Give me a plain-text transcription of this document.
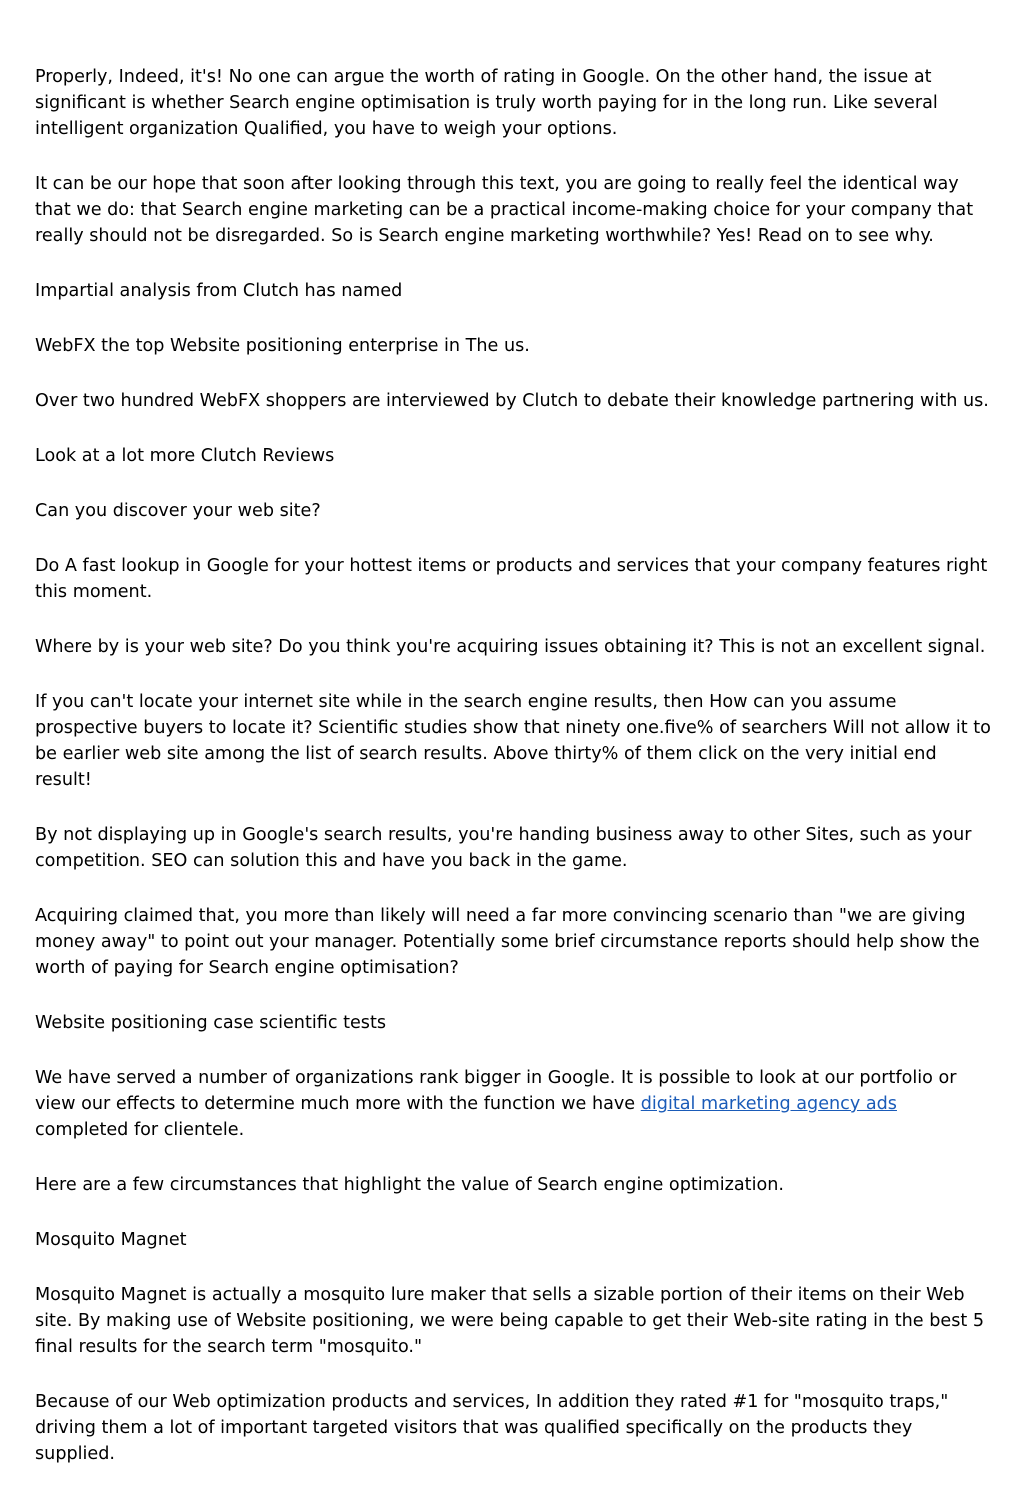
Properly, Indeed, it's! No one can argue the worth of rating in Google. On the other hand, the issue at significant is whether Search engine optimisation is truly worth paying for in the long run. Like several intelligent organization Qualified, you have to weigh your options.

It can be our hope that soon after looking through this text, you are going to really feel the identical way that we do: that Search engine marketing can be a practical income-making choice for your company that really should not be disregarded. So is Search engine marketing worthwhile? Yes! Read on to see why.

Impartial analysis from Clutch has named

WebFX the top Website positioning enterprise in The us.

Over two hundred WebFX shoppers are interviewed by Clutch to debate their knowledge partnering with us.

Look at a lot more Clutch Reviews

Can you discover your web site?

Do A fast lookup in Google for your hottest items or products and services that your company features right this moment.

Where by is your web site? Do you think you're acquiring issues obtaining it? This is not an excellent signal.

If you can't locate your internet site while in the search engine results, then How can you assume prospective buyers to locate it? Scientific studies show that ninety one.five% of searchers Will not allow it to be earlier web site among the list of search results. Above thirty% of them click on the very initial end result!

By not displaying up in Google's search results, you're handing business away to other Sites, such as your competition. SEO can solution this and have you back in the game.

Acquiring claimed that, you more than likely will need a far more convincing scenario than "we are giving money away" to point out your manager. Potentially some brief circumstance reports should help show the worth of paying for Search engine optimisation?

Website positioning case scientific tests

We have served a number of organizations rank bigger in Google. It is possible to look at our portfolio or view our effects to determine much more with the function we have digital marketing agency ads completed for clientele.

Here are a few circumstances that highlight the value of Search engine optimization.

Mosquito Magnet

Mosquito Magnet is actually a mosquito lure maker that sells a sizable portion of their items on their Web site. By making use of Website positioning, we were being capable to get their Web-site rating in the best 5 final results for the search term "mosquito."

Because of our Web optimization products and services, In addition they rated #1 for "mosquito traps," driving them a lot of important targeted visitors that was qualified specifically on the products they supplied.
